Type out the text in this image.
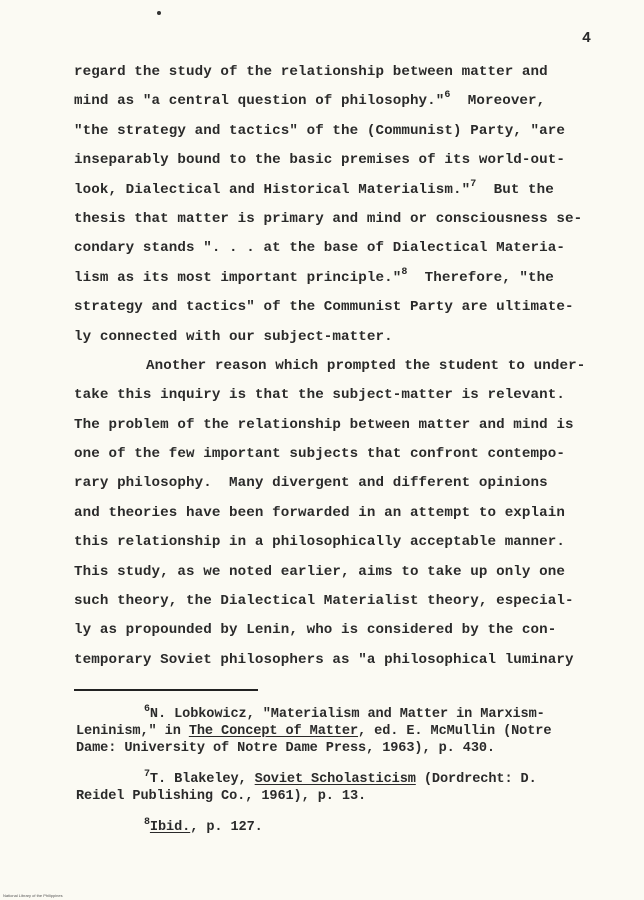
4
regard the study of the relationship between matter and
mind as "a central question of philosophy."$^6$  Moreover,
"the strategy and tactics" of the (Communist) Party, "are
inseparably bound to the basic premises of its world-out-
look, Dialectical and Historical Materialism."$^7$  But the
thesis that matter is primary and mind or consciousness se-
condary stands ". . . at the base of Dialectical Materia-
lism as its most important principle."$^8$  Therefore, "the
strategy and tactics" of the Communist Party are ultimate-
ly connected with our subject-matter.
Another reason which prompted the student to under-
take this inquiry is that the subject-matter is relevant.
The problem of the relationship between matter and mind is
one of the few important subjects that confront contempo-
rary philosophy.  Many divergent and different opinions
and theories have been forwarded in an attempt to explain
this relationship in a philosophically acceptable manner.
This study, as we noted earlier, aims to take up only one
such theory, the Dialectical Materialist theory, especial-
ly as propounded by Lenin, who is considered by the con-
temporary Soviet philosophers as "a philosophical luminary
$^6$N. Lobkowicz, "Materialism and Matter in Marxism-
Leninism," in The Concept of Matter, ed. E. McMullin (Notre
Dame: University of Notre Dame Press, 1963), p. 430.
$^7$T. Blakeley, Soviet Scholasticism (Dordrecht: D.
Reidel Publishing Co., 1961), p. 13.
$^8$Ibid., p. 127.
National Library of the Philippines
